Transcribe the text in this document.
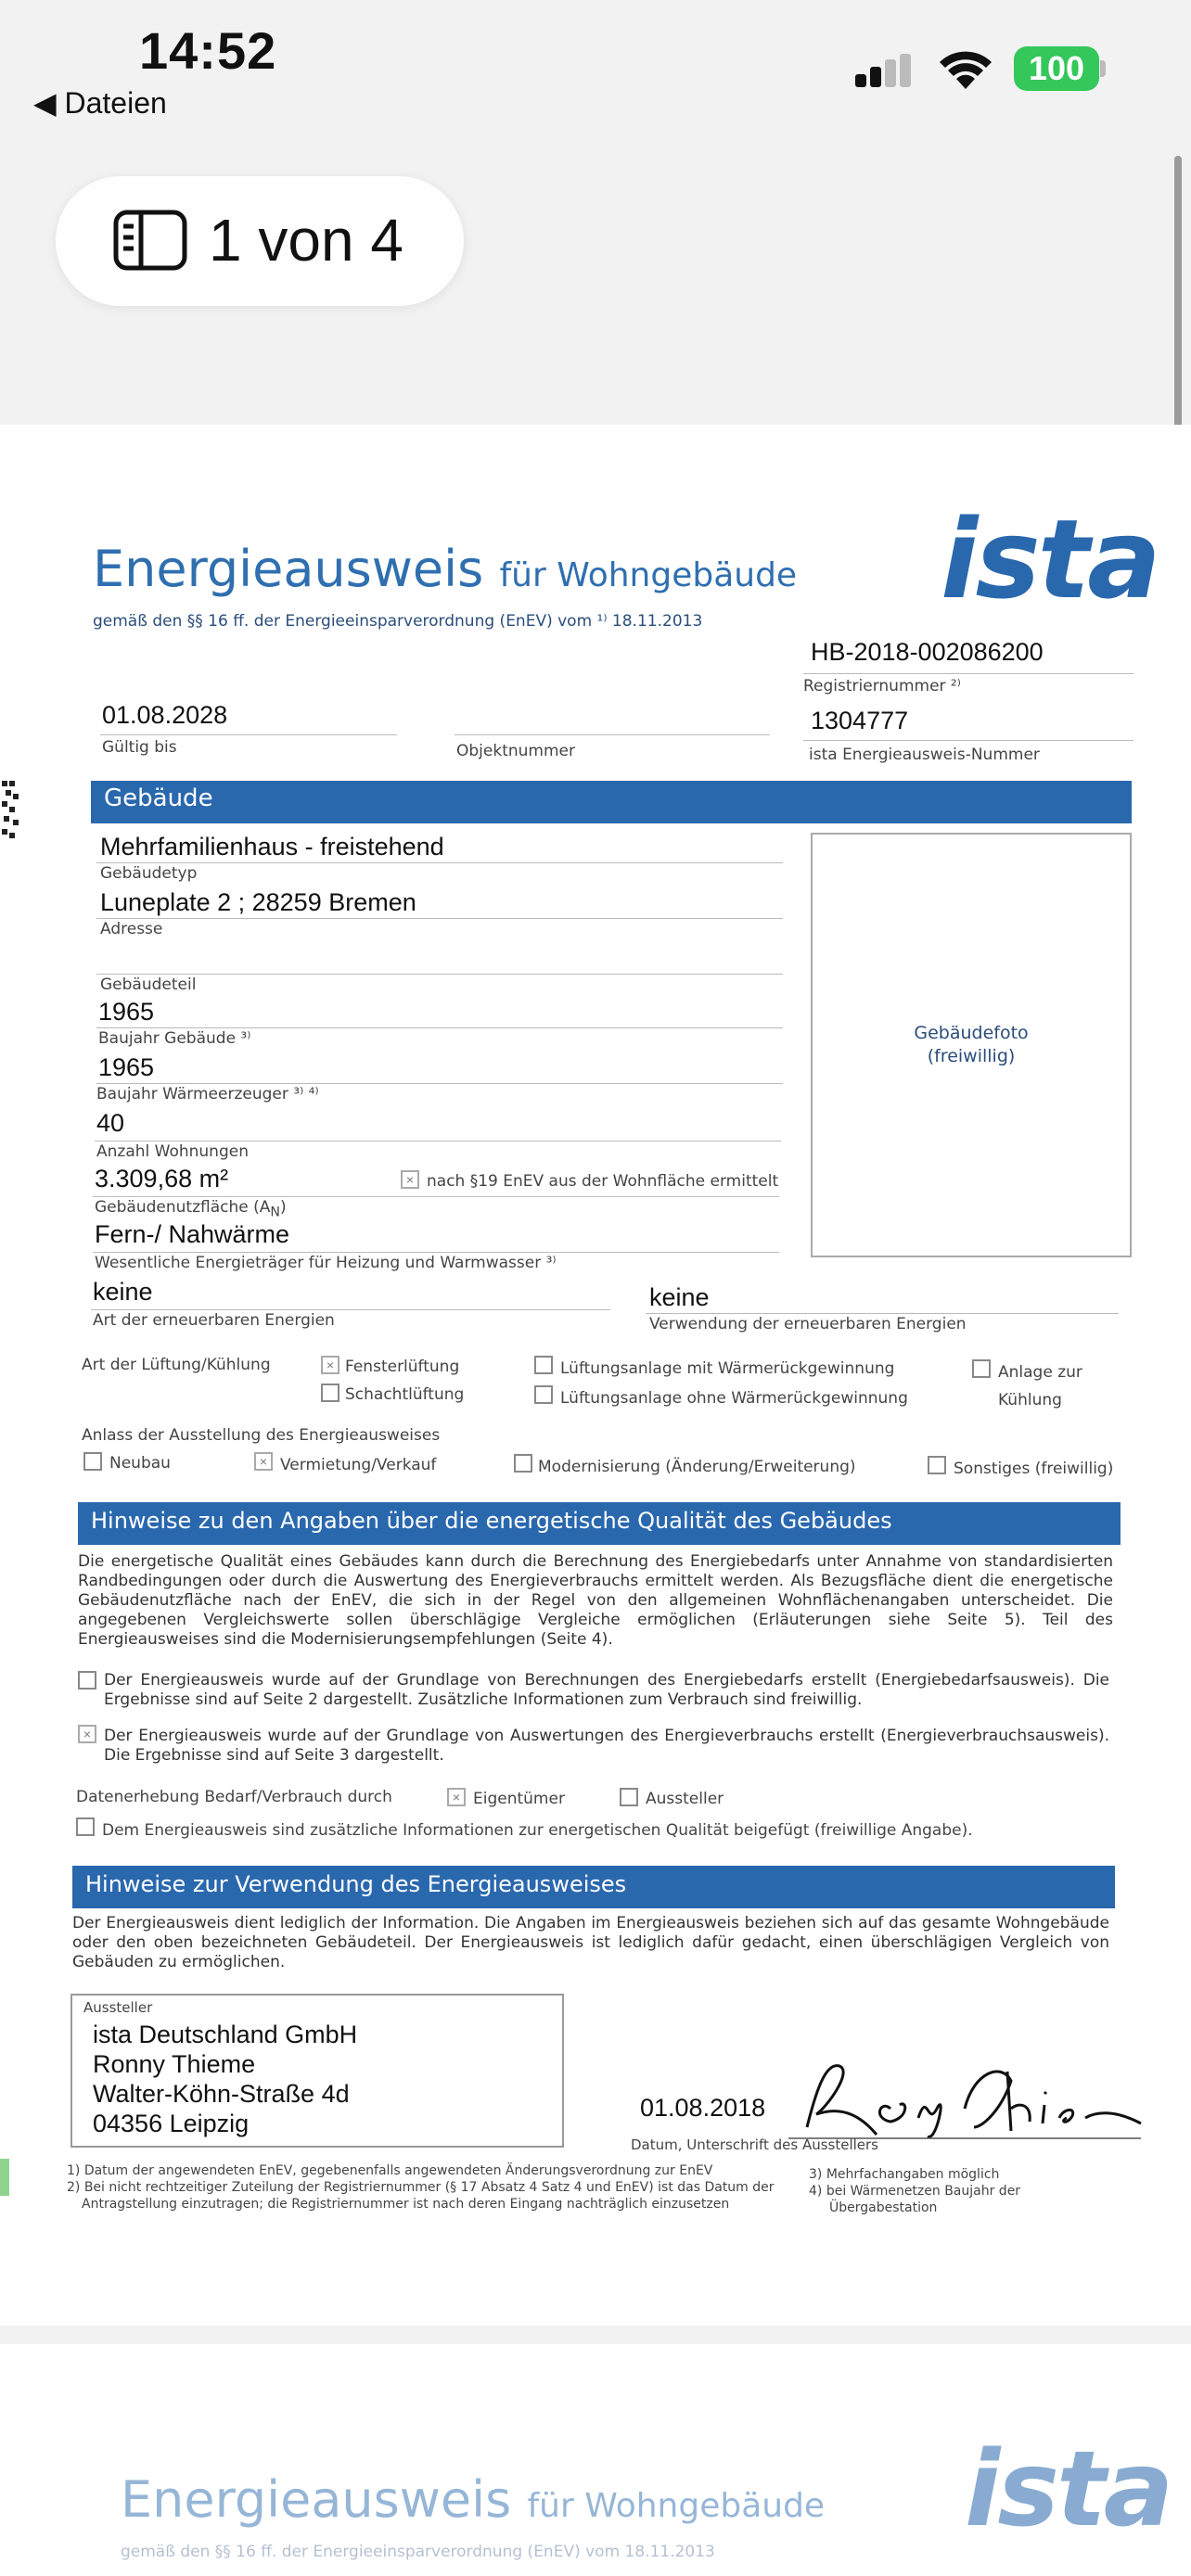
14:52
◀ Dateien
100
1 von 4
Energieausweis für Wohngebäude
gemäß den §§ 16 ff. der Energieeinsparverordnung (EnEV) vom ¹⁾ 18.11.2013 ista
HB-2018-002086200
Registriernummer ²⁾
01.08.2028
Gültig bis	Objektnummer
1304777
ista Energieausweis-Nummer
Gebäude
Mehrfamilienhaus - freistehend
Gebäudetyp
Luneplate 2 ; 28259 Bremen
Adresse
Gebäudeteil
1965
Baujahr Gebäude ³⁾
1965
Baujahr Wärmeerzeuger ³⁾ ⁴⁾
40
Anzahl Wohnungen
3.309,68 m²	× nach §19 EnEV aus der Wohnfläche ermittelt
Gebäudenutzfläche $(A_N)$
Fern-/ Nahwärme
Wesentliche Energieträger für Heizung und Warmwasser ³⁾
keine
Art der erneuerbaren Energien
keine
Verwendung der erneuerbaren Energien
Gebäudefoto
(freiwillig)
Art der Lüftung/Kühlung	× Fensterlüftung
Schachtlüftung
Lüftungsanlage mit Wärmerückgewinnung
Lüftungsanlage ohne Wärmerückgewinnung
Anlage zur
Kühlung
Anlass der Ausstellung des Energieausweises
Neubau	× Vermietung/Verkauf	Modernisierung (Änderung/Erweiterung)	Sonstiges (freiwillig)
Hinweise zu den Angaben über die energetische Qualität des Gebäudes
Die energetische Qualität eines Gebäudes kann durch die Berechnung des Energiebedarfs unter Annahme von standardisierten Randbedingungen oder durch die Auswertung des Energieverbrauchs ermittelt werden. Als Bezugsfläche dient die energetische Gebäudenutzfläche nach der EnEV, die sich in der Regel von den allgemeinen Wohnflächenangaben unterscheidet. Die angegebenen Vergleichswerte sollen überschlägige Vergleiche ermöglichen (Erläuterungen siehe Seite 5). Teil des Energieausweises sind die Modernisierungsempfehlungen (Seite 4).
Der Energieausweis wurde auf der Grundlage von Berechnungen des Energiebedarfs erstellt (Energiebedarfsausweis). Die Ergebnisse sind auf Seite 2 dargestellt. Zusätzliche Informationen zum Verbrauch sind freiwillig.
× Der Energieausweis wurde auf der Grundlage von Auswertungen des Energieverbrauchs erstellt (Energieverbrauchsausweis). Die Ergebnisse sind auf Seite 3 dargestellt.
Datenerhebung Bedarf/Verbrauch durch	× Eigentümer	Aussteller
Dem Energieausweis sind zusätzliche Informationen zur energetischen Qualität beigefügt (freiwillige Angabe).
Hinweise zur Verwendung des Energieausweises
Der Energieausweis dient lediglich der Information. Die Angaben im Energieausweis beziehen sich auf das gesamte Wohngebäude oder den oben bezeichneten Gebäudeteil. Der Energieausweis ist lediglich dafür gedacht, einen überschlägigen Vergleich von Gebäuden zu ermöglichen.
Aussteller
ista Deutschland GmbH
Ronny Thieme
Walter-Köhn-Straße 4d
04356 Leipzig
01.08.2018
Datum, Unterschrift des Ausstellers
1) Datum der angewendeten EnEV, gegebenenfalls angewendeten Änderungsverordnung zur EnEV
2) Bei nicht rechtzeitiger Zuteilung der Registriernummer (§ 17 Absatz 4 Satz 4 und EnEV) ist das Datum der
Antragstellung einzutragen; die Registriernummer ist nach deren Eingang nachträglich einzusetzen
3) Mehrfachangaben möglich
4) bei Wärmenetzen Baujahr der
Übergabestation
Energieausweis für Wohngebäude
gemäß den §§ 16 ff. der Energieeinsparverordnung (EnEV) vom 18.11.2013
ista
